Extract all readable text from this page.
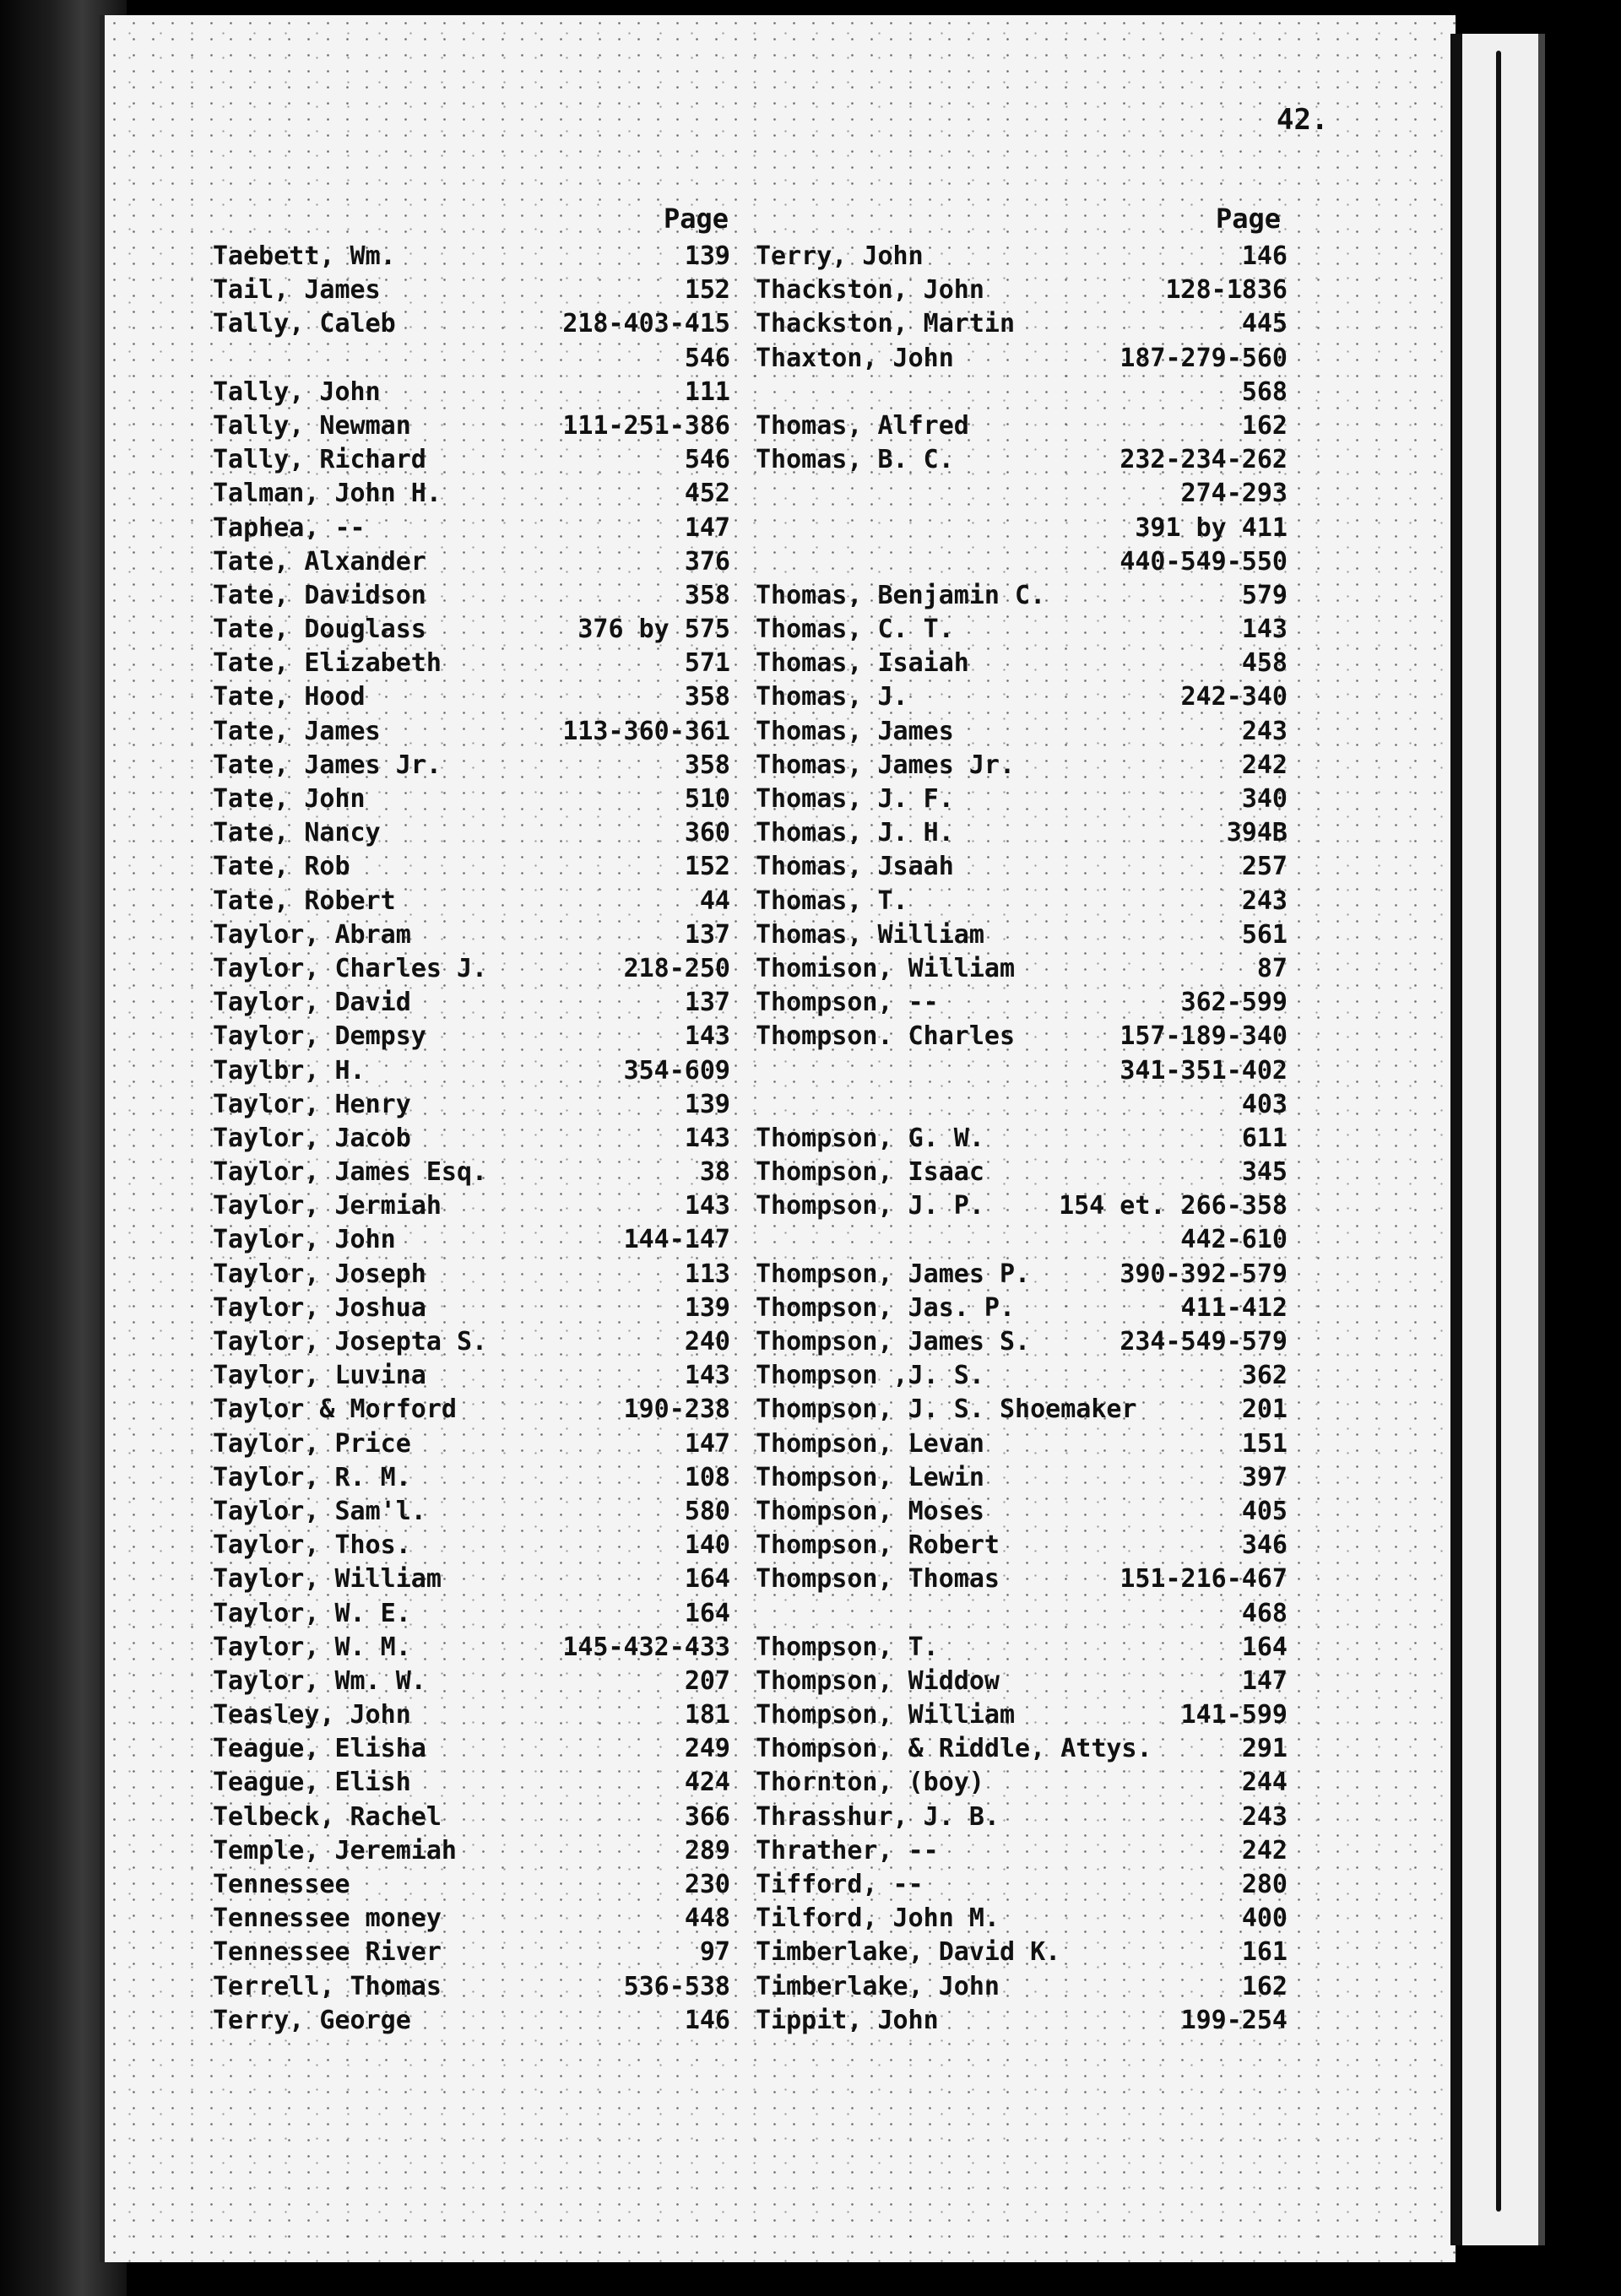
42.
Page	Page
Taebett, Wm.	139 Terry, John	146
Tail, James	152 Thackston, John	128-1836
Tally, Caleb	218-403-415 Thackston, Martin	445
546 Thaxton, John	187-279-560
Tally, John	111	568
Tally, Newman	111-251-386 Thomas, Alfred	162
Tally, Richard	546 Thomas, B. C.	232-234-262
Talman, John H.	452	274-293
Taphea, --	147	391 by 411
Tate, Alxander	376	440-549-550
Tate, Davidson	358 Thomas, Benjamin C.	579
Tate, Douglass	376 by 575 Thomas, C. T.	143
Tate, Elizabeth	571 Thomas, Isaiah	458
Tate, Hood	358 Thomas, J.	242-340
Tate, James	113-360-361 Thomas, James	243
Tate, James Jr.	358 Thomas, James Jr.	242
Tate, John	510 Thomas, J. F.	340
Tate, Nancy	360 Thomas, J. H.	394B
Tate, Rob	152 Thomas, Jsaah	257
Tate, Robert	44 Thomas, T.	243
Taylor, Abram	137 Thomas, William	561
Taylor, Charles J.	218-250 Thomison, William	87
Taylor, David	137 Thompson, --	362-599
Taylor, Dempsy	143 Thompson. Charles	157-189-340
Taylbr, H.	354-609	341-351-402
Taylor, Henry	139	403
Taylor, Jacob	143 Thompson, G. W.	611
Taylor, James Esq.	38 Thompson, Isaac	345
Taylor, Jermiah	143 Thompson, J. P.	154 et. 266-358
Taylor, John	144-147	442-610
Taylor, Joseph	113 Thompson, James P.	390-392-579
Taylor, Joshua	139 Thompson, Jas. P.	411-412
Taylor, Josepta S.	240 Thompson, James S.	234-549-579
Taylor, Luvina	143 Thompson ,J. S.	362
Taylor & Morford	190-238 Thompson, J. S. Shoemaker	201
Taylor, Price	147 Thompson, Levan	151
Taylor, R. M.	108 Thompson, Lewin	397
Taylor, Sam'l.	580 Thompson, Moses	405
Taylor, Thos.	140 Thompson, Robert	346
Taylor, William	164 Thompson, Thomas	151-216-467
Taylor, W. E.	164	468
Taylor, W. M.	145-432-433 Thompson, T.	164
Taylor, Wm. W.	207 Thompson, Widdow	147
Teasley, John	181 Thompson, William	141-599
Teague, Elisha	249 Thompson, & Riddle, Attys.	291
Teague, Elish	424 Thornton, (boy)	244
Telbeck, Rachel	366 Thrasshur, J. B.	243
Temple, Jeremiah	289 Thrather, --	242
Tennessee	230 Tifford, --	280
Tennessee money	448 Tilford, John M.	400
Tennessee River	97 Timberlake, David K.	161
Terrell, Thomas	536-538 Timberlake, John	162
Terry, George	146 Tippit, John	199-254
